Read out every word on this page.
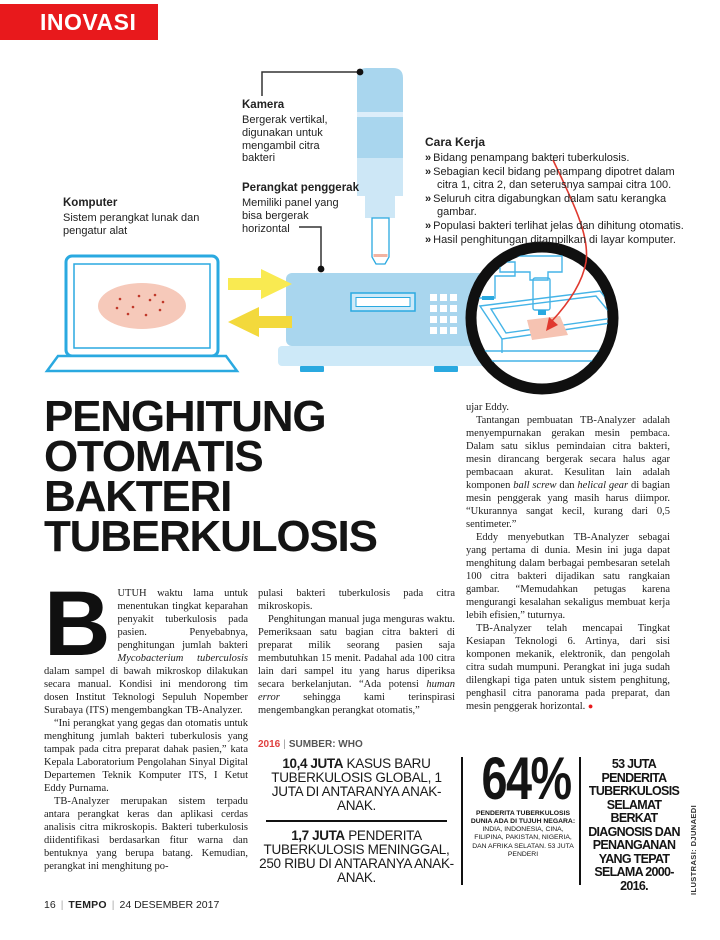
INOVASI
Kamera
Bergerak vertikal, digunakan untuk mengambil citra bakteri
Perangkat penggerak
Memiliki panel yang bisa bergerak horizontal
Komputer
Sistem perangkat lunak dan pengatur alat
Cara Kerja
» Bidang penampang bakteri tuberkulosis.
» Sebagian kecil bidang penampang dipotret dalam citra 1, citra 2, dan seterusnya sampai citra 100.
» Seluruh citra digabungkan dalam satu kerangka gambar.
» Populasi bakteri terlihat jelas dan dihitung otomatis.
» Hasil penghitungan ditampilkan di layar komputer.
PENGHITUNG
OTOMATIS
BAKTERI
TUBERKULOSIS

BUTUH waktu lama untuk menentukan tingkat keparahan penyakit tuberkulosis pada pasien. Penyebabnya, penghitungan jumlah bakteri Mycobacterium tuberculosis dalam sampel di bawah mikroskop dilakukan secara manual. Kondisi ini mendorong tim dosen Institut Teknologi Sepuluh Nopember Surabaya (ITS) mengembangkan TB-Analyzer.

“Ini perangkat yang gegas dan otomatis untuk menghitung jumlah bakteri tuberkulosis yang tampak pada citra preparat dahak pasien,” kata Kepala Laboratorium Pengolahan Sinyal Digital Departemen Teknik Komputer ITS, I Ketut Eddy Purnama.

TB-Analyzer merupakan sistem terpadu antara perangkat keras dan aplikasi cerdas analisis citra mikroskopis. Bakteri tuberkulosis diidentifikasi berdasarkan fitur warna dan bentuknya yang berupa batang. Kemudian, perangkat ini menghitung po-

pulasi bakteri tuberkulosis pada citra mikroskopis.

Penghitungan manual juga menguras waktu. Pemeriksaan satu bagian citra bakteri di preparat milik seorang pasien saja membutuhkan 15 menit. Padahal ada 100 citra lain dari sampel itu yang harus diperiksa secara berkelanjutan. “Ada potensi human error sehingga kami terinspirasi mengembangkan perangkat otomatis,”

ujar Eddy.

Tantangan pembuatan TB-Analyzer adalah menyempurnakan gerakan mesin pembaca. Dalam satu siklus pemindaian citra bakteri, mesin dirancang bergerak secara halus agar pembacaan akurat. Kesulitan lain adalah komponen ball screw dan helical gear di bagian mesin penggerak yang masih harus diimpor. “Ukurannya sangat kecil, kurang dari 0,5 sentimeter.”

Eddy menyebutkan TB-Analyzer sebagai yang pertama di dunia. Mesin ini juga dapat menghitung dalam berbagai pembesaran setelah 100 citra bakteri dijadikan satu rangkaian gambar. “Memudahkan petugas karena mengurangi kesalahan sekaligus membuat kerja lebih efisien,” tuturnya.

TB-Analyzer telah mencapai Tingkat Kesiapan Teknologi 6. Artinya, dari sisi komponen mekanik, elektronik, dan pengolah citra sudah mumpuni. Perangkat ini juga sudah dilengkapi tiga paten untuk sistem penghitung, penghasil citra panorama pada preparat, dan mesin penggerak horizontal. ●

2016 | SUMBER: WHO
10,4 JUTA KASUS BARU TUBERKULOSIS GLOBAL, 1 JUTA DI ANTARANYA ANAK-ANAK.
1,7 JUTA PENDERITA TUBERKULOSIS MENINGGAL, 250 RIBU DI ANTARANYA ANAK-ANAK.
64%
PENDERITA TUBERKULOSIS DUNIA ADA DI TUJUH NEGARA:
INDIA, INDONESIA, CINA, FILIPINA, PAKISTAN, NIGERIA, DAN AFRIKA SELATAN. 53 JUTA PENDERI
53 JUTA PENDERITA TUBERKULOSIS SELAMAT BERKAT DIAGNOSIS DAN PENANGANAN YANG TEPAT SELAMA 2000-2016.	ILUSTRASI: DJUNAEDI
16 | TEMPO | 24 DESEMBER 2017
